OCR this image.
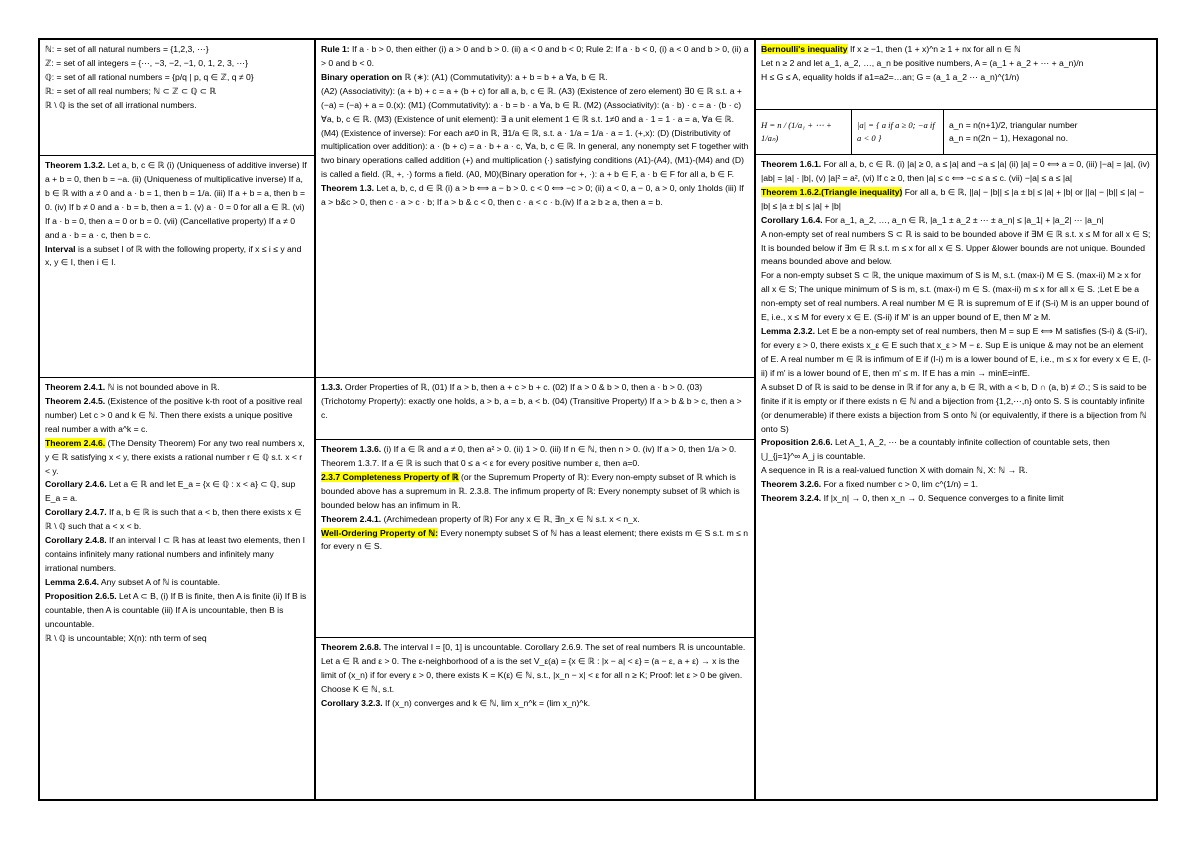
ℕ: = set of all natural numbers = {1,2,3, ⋯}

ℤ: = set of all integers = {⋯, −3, −2, −1, 0, 1, 2, 3, ⋯}

ℚ: = set of all rational numbers = {p/q | p, q ∈ ℤ, q ≠ 0}

ℝ: = set of all real numbers; ℕ ⊂ ℤ ⊂ ℚ ⊂ ℝ

ℝ \ ℚ is the set of all irrational numbers.

Theorem 1.3.2. Let a, b, c ∈ ℝ (i) (Uniqueness of additive inverse) If a + b = 0, then b = −a. (ii) (Uniqueness of multiplicative inverse) If a, b ∈ ℝ with a ≠ 0 and a · b = 1, then b = 1/a. (iii) If a + b = a, then b = 0. (iv) If b ≠ 0 and a · b = b, then a = 1. (v) a · 0 = 0 for all a ∈ ℝ. (vi) If a · b = 0, then a = 0 or b = 0. (vii) (Cancellative property) If a ≠ 0 and a · b = a · c, then b = c.

Interval is a subset I of ℝ with the following property, if x ≤ i ≤ y and x, y ∈ I, then i ∈ I.

Theorem 2.4.1. ℕ is not bounded above in ℝ.

Theorem 2.4.5. (Existence of the positive k-th root of a positive real number) Let c > 0 and k ∈ ℕ. Then there exists a unique positive real number a with a^k = c.

Theorem 2.4.6. (The Density Theorem) For any two real numbers x, y ∈ ℝ satisfying x < y, there exists a rational number r ∈ ℚ s.t. x < r < y.

Corollary 2.4.6. Let a ∈ ℝ and let E_a = {x ∈ ℚ : x < a} ⊂ ℚ, sup E_a = a.

Corollary 2.4.7. If a, b ∈ ℝ is such that a < b, then there exists x ∈ ℝ \ ℚ such that a < x < b.

Corollary 2.4.8. If an interval I ⊂ ℝ has at least two elements, then I contains infinitely many rational numbers and infinitely many irrational numbers.

Lemma 2.6.4. Any subset A of ℕ is countable.

Proposition 2.6.5. Let A ⊂ B, (i) If B is finite, then A is finite (ii) If B is countable, then A is countable (iii) If A is uncountable, then B is uncountable.

ℝ \ ℚ is uncountable; X(n): nth term of seq

Rule 1: If a · b > 0, then either (i) a > 0 and b > 0. (ii) a < 0 and b < 0; Rule 2: If a · b < 0, (i) a < 0 and b > 0, (ii) a > 0 and b < 0.

Binary operation on ℝ (∗): (A1) (Commutativity): a + b = b + a ∀a, b ∈ ℝ.

(A2) (Associativity): (a + b) + c = a + (b + c) for all a, b, c ∈ ℝ. (A3) (Existence of zero element) ∃0 ∈ ℝ s.t. a + (−a) = (−a) + a = 0.(x): (M1) (Commutativity): a · b = b · a ∀a, b ∈ ℝ. (M2) (Associativity): (a · b) · c = a · (b · c) ∀a, b, c ∈ ℝ. (M3) (Existence of unit element): ∃ a unit element 1 ∈ ℝ s.t. 1≠0 and a · 1 = 1 · a = a, ∀a ∈ ℝ. (M4) (Existence of inverse): For each a≠0 in ℝ, ∃1/a ∈ ℝ, s.t. a · 1/a = 1/a · a = 1. (+,x): (D) (Distributivity of multiplication over addition): a · (b + c) = a · b + a · c, ∀a, b, c ∈ ℝ. In general, any nonempty set F together with two binary operations called addition (+) and multiplication (·) satisfying conditions (A1)-(A4), (M1)-(M4) and (D) is called a field. (ℝ, +, ·) forms a field. (A0, M0)(Binary operation for +, ·): a + b ∈ F, a · b ∈ F for all a, b ∈ F.

Theorem 1.3. Let a, b, c, d ∈ ℝ (i) a > b ⟺ a − b > 0. c < 0 ⟺ −c > 0; (ii) a < 0, a − 0, a > 0, only 1holds (iii) If a > b&c > 0, then c · a > c · b; If a > b & c < 0, then c · a < c · b.(iv) If a ≥ b ≥ a, then a = b.

1.3.3. Order Properties of ℝ, (01) If a > b, then a + c > b + c. (02) If a > 0 & b > 0, then a · b > 0. (03) (Trichotomy Property): exactly one holds, a > b, a = b, a < b. (04) (Transitive Property) If a > b & b > c, then a > c.

Theorem 1.3.6. (i) If a ∈ ℝ and a ≠ 0, then a² > 0. (ii) 1 > 0. (iii) If n ∈ ℕ, then n > 0. (iv) If a > 0, then 1/a > 0. Theorem 1.3.7. If a ∈ ℝ is such that 0 ≤ a < ε for every positive number ε, then a=0.

2.3.7 Completeness Property of ℝ (or the Supremum Property of ℝ): Every non-empty subset of ℝ which is bounded above has a supremum in ℝ. 2.3.8. The infimum property of ℝ: Every nonempty subset of ℝ which is bounded below has an infimum in ℝ.

Theorem 2.4.1. (Archimedean property of ℝ) For any x ∈ ℝ, ∃n_x ∈ ℕ s.t. x < n_x.

Well-Ordering Property of ℕ: Every nonempty subset S of ℕ has a least element; there exists m ∈ S s.t. m ≤ n for every n ∈ S.

Theorem 2.6.8. The interval I = [0, 1] is uncountable. Corollary 2.6.9. The set of real numbers ℝ is uncountable.

Let a ∈ ℝ and ε > 0. The ε-neighborhood of a is the set V_ε(a) = {x ∈ ℝ : |x − a| < ε} = (a − ε, a + ε) → x is the limit of (x_n) if for every ε > 0, there exists K = K(ε) ∈ ℕ, s.t., |x_n − x| < ε for all n ≥ K; Proof: let ε > 0 be given. Choose K ∈ ℕ, s.t.

Corollary 3.2.3. If (x_n) converges and k ∈ ℕ, lim x_n^k = (lim x_n)^k.

Bernoulli's inequality If x ≥ −1, then (1 + x)^n ≥ 1 + nx for all n ∈ ℕ

Let n ≥ 2 and let a_1, a_2, …, a_n be positive numbers, A = (a_1 + a_2 + ⋯ + a_n)/n

H ≤ G ≤ A, equality holds if a1=a2=…an; G = (a_1 a_2 ⋯ a_n)^(1/n)

H = n / (1/a₁ + ⋯ + 1/aₙ)
|a| = { a if a ≥ 0; −a if a < 0 }

a_n = n(n+1)/2, triangular number

a_n = n(2n − 1), Hexagonal no.

Theorem 1.6.1. For all a, b, c ∈ ℝ. (i) |a| ≥ 0, a ≤ |a| and −a ≤ |a| (ii) |a| = 0 ⟺ a = 0, (iii) |−a| = |a|, (iv) |ab| = |a| · |b|, (v) |a|² = a², (vi) If c ≥ 0, then |a| ≤ c ⟺ −c ≤ a ≤ c. (vii) −|a| ≤ a ≤ |a|

Theorem 1.6.2.(Triangle inequality) For all a, b ∈ ℝ, ||a| − |b|| ≤ |a ± b| ≤ |a| + |b| or ||a| − |b|| ≤ |a| − |b| ≤ |a ± b| ≤ |a| + |b|

Corollary 1.6.4. For a_1, a_2, …, a_n ∈ ℝ, |a_1 ± a_2 ± ⋯ ± a_n| ≤ |a_1| + |a_2| ⋯ |a_n|

A non-empty set of real numbers S ⊂ ℝ is said to be bounded above if ∃M ∈ ℝ s.t. x ≤ M for all x ∈ S; It is bounded below if ∃m ∈ ℝ s.t. m ≤ x for all x ∈ S. Upper &lower bounds are not unique. Bounded means bounded above and below.

For a non-empty subset S ⊂ ℝ, the unique maximum of S is M, s.t. (max-i) M ∈ S. (max-ii) M ≥ x for all x ∈ S; The unique minimum of S is m, s.t. (max-i) m ∈ S. (max-ii) m ≤ x for all x ∈ S. ;Let E be a non-empty set of real numbers. A real number M ∈ ℝ is supremum of E if (S-i) M is an upper bound of E, i.e., x ≤ M for every x ∈ E. (S-ii) if M' is an upper bound of E, then M' ≥ M.

Lemma 2.3.2. Let E be a non-empty set of real numbers, then M = sup E ⟺ M satisfies (S-i) & (S-ii'), for every ε > 0, there exists x_ε ∈ E such that x_ε > M − ε. Sup E is unique & may not be an element of E. A real number m ∈ ℝ is infimum of E if (I-i) m is a lower bound of E, i.e., m ≤ x for every x ∈ E, (I-ii) if m' is a lower bound of E, then m' ≤ m. If E has a min → minE=infE.

A subset D of ℝ is said to be dense in ℝ if for any a, b ∈ ℝ, with a < b, D ∩ (a, b) ≠ ∅.; S is said to be finite if it is empty or if there exists n ∈ ℕ and a bijection from {1,2,⋯,n} onto S. S is countably infinite (or denumerable) if there exists a bijection from S onto ℕ (or equivalently, if there is a bijection from ℕ onto S)

Proposition 2.6.6. Let A_1, A_2, ⋯ be a countably infinite collection of countable sets, then ⋃_{j=1}^∞ A_j is countable.

A sequence in ℝ is a real-valued function X with domain ℕ, X: ℕ → ℝ.

Theorem 3.2.6. For a fixed number c > 0, lim c^(1/n) = 1.

Theorem 3.2.4. If |x_n| → 0, then x_n → 0. Sequence converges to a finite limit
